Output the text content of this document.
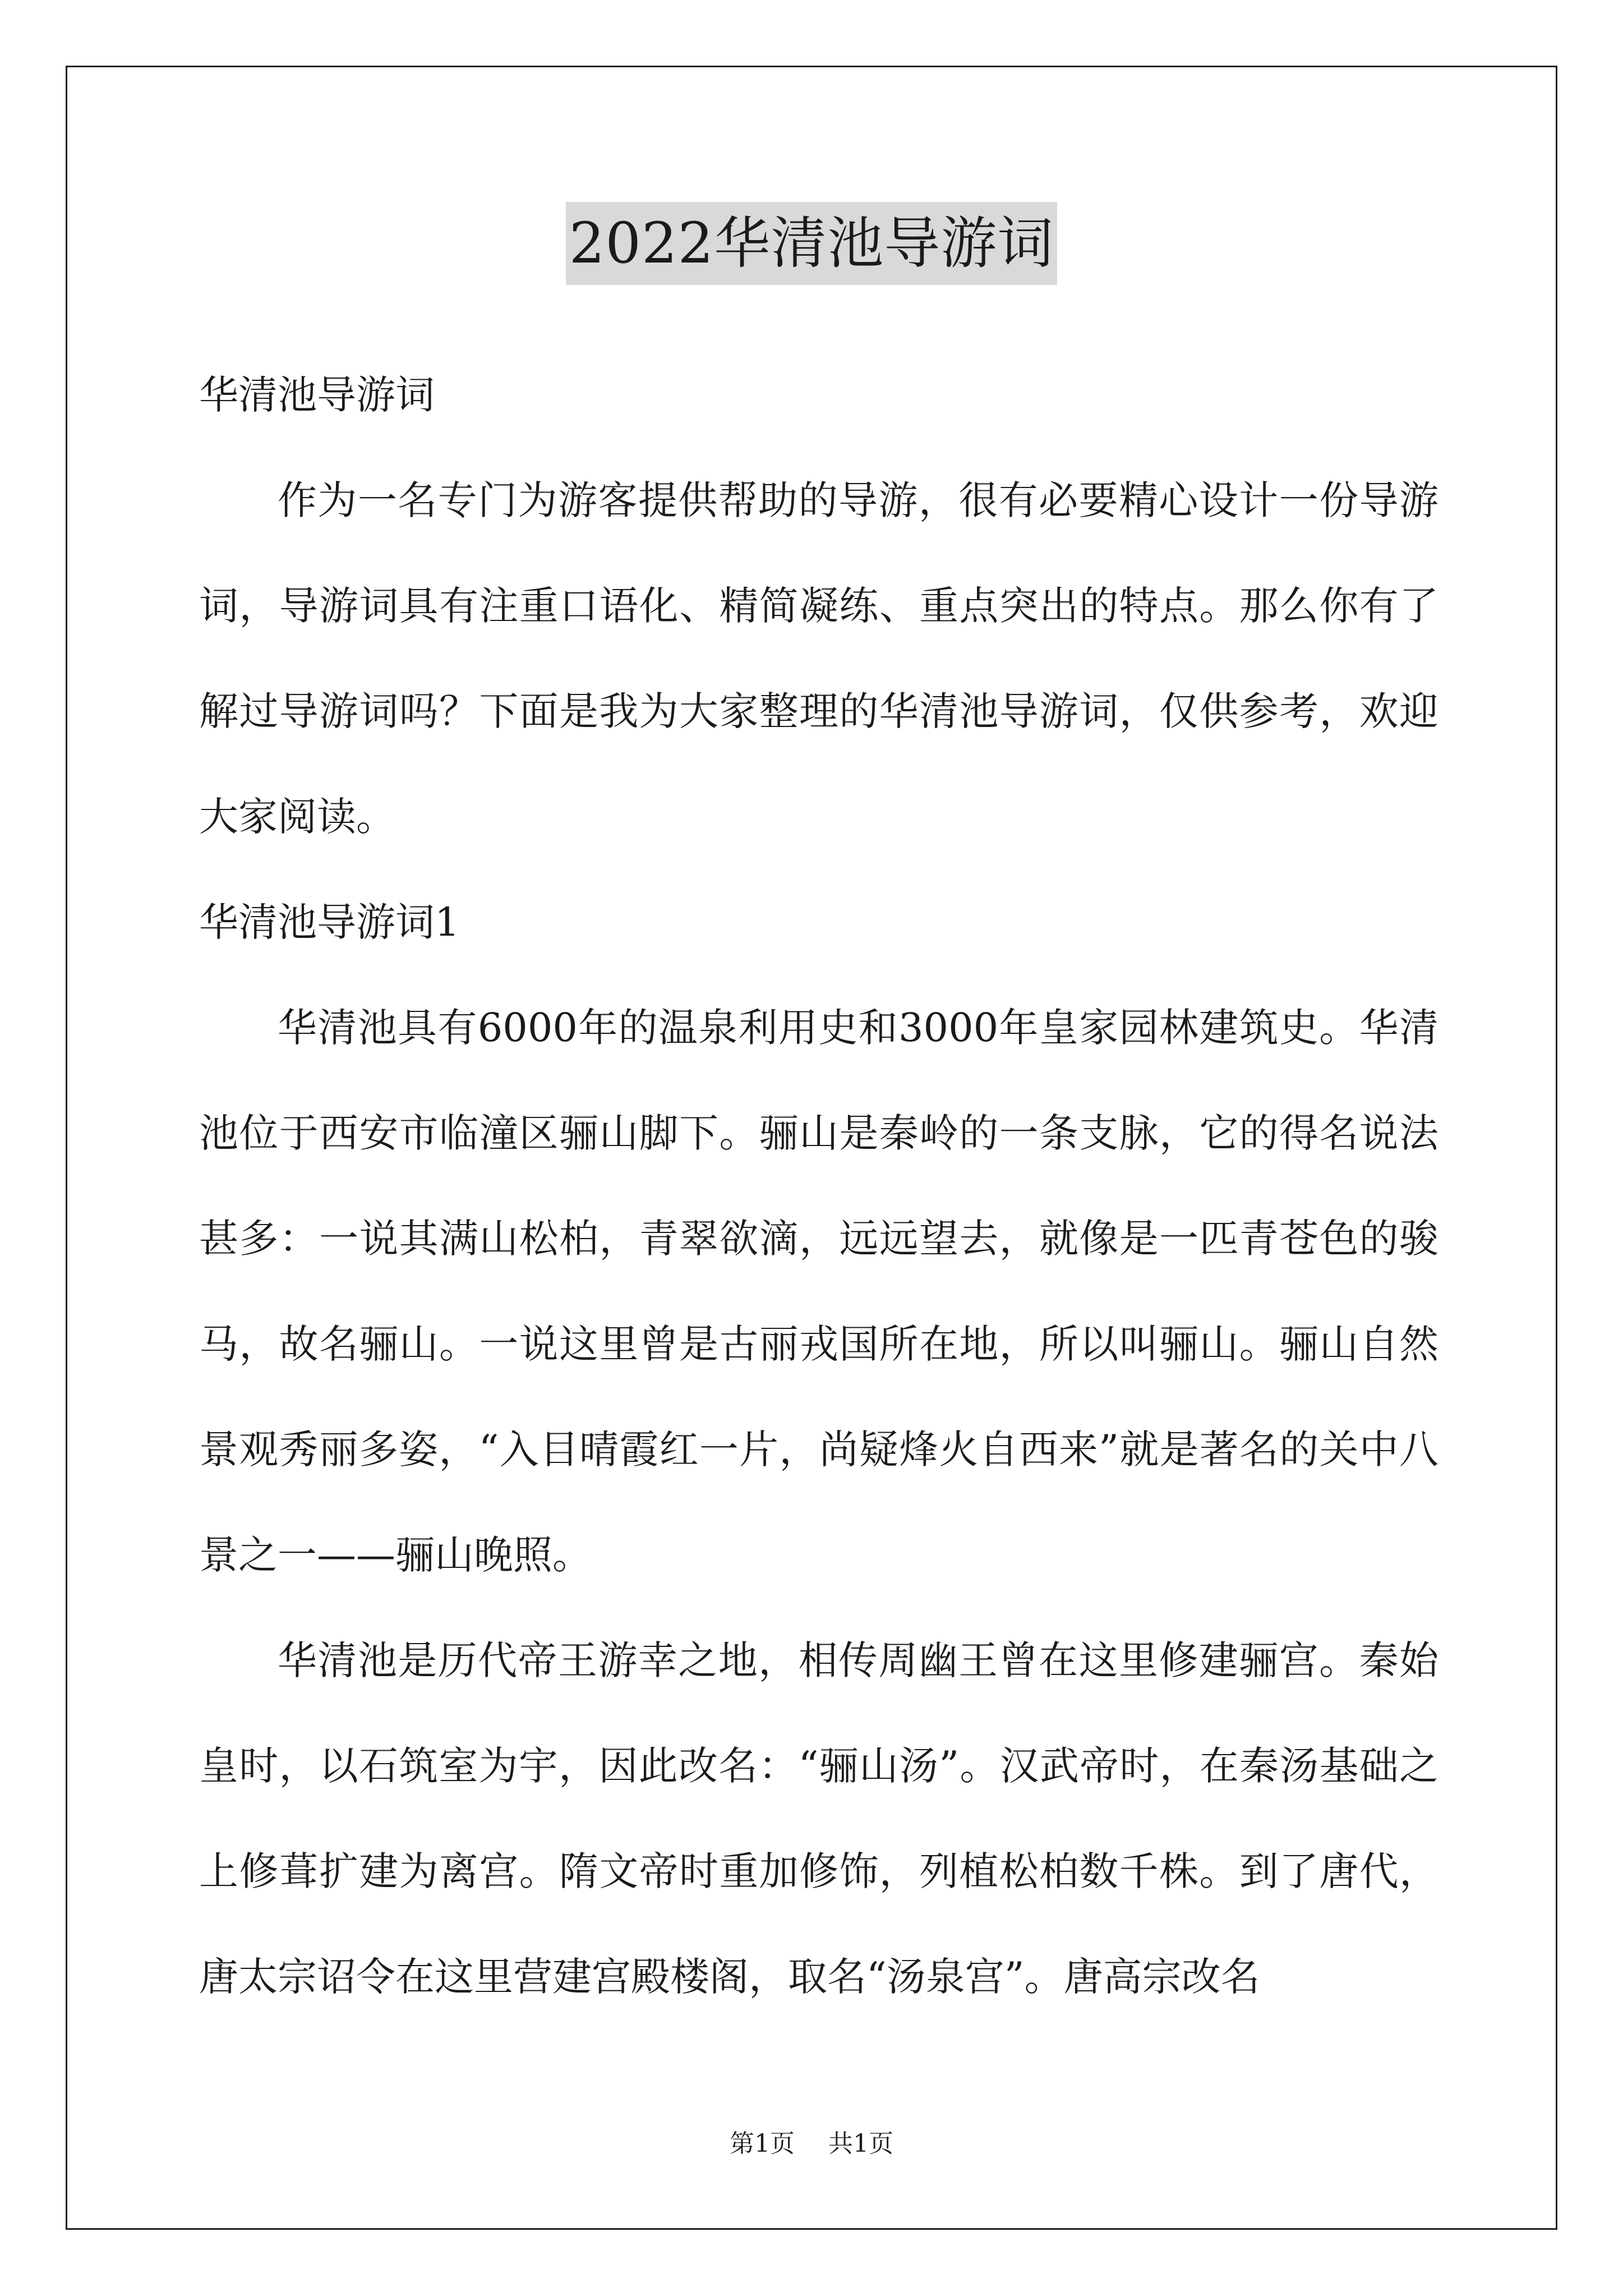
2022华清池导游词

华清池导游词

作为一名专门为游客提供帮助的导游，很有必要精心设计一份导游词，导游词具有注重口语化、精简凝练、重点突出的特点。那么你有了解过导游词吗？下面是我为大家整理的华清池导游词，仅供参考，欢迎大家阅读。

华清池导游词1

华清池具有6000年的温泉利用史和3000年皇家园林建筑史。华清池位于西安市临潼区骊山脚下。骊山是秦岭的一条支脉，它的得名说法甚多：一说其满山松柏，青翠欲滴，远远望去，就像是一匹青苍色的骏马，故名骊山。一说这里曾是古丽戎国所在地，所以叫骊山。骊山自然景观秀丽多姿，“入目晴霞红一片，尚疑烽火自西来”就是著名的关中八景之一——骊山晚照。

华清池是历代帝王游幸之地，相传周幽王曾在这里修建骊宫。秦始皇时，以石筑室为宇，因此改名：“骊山汤”。汉武帝时，在秦汤基础之上修葺扩建为离宫。隋文帝时重加修饰，列植松柏数千株。到了唐代，唐太宗诏令在这里营建宫殿楼阁，取名“汤泉宫”。唐高宗改名

第1页 共1页
